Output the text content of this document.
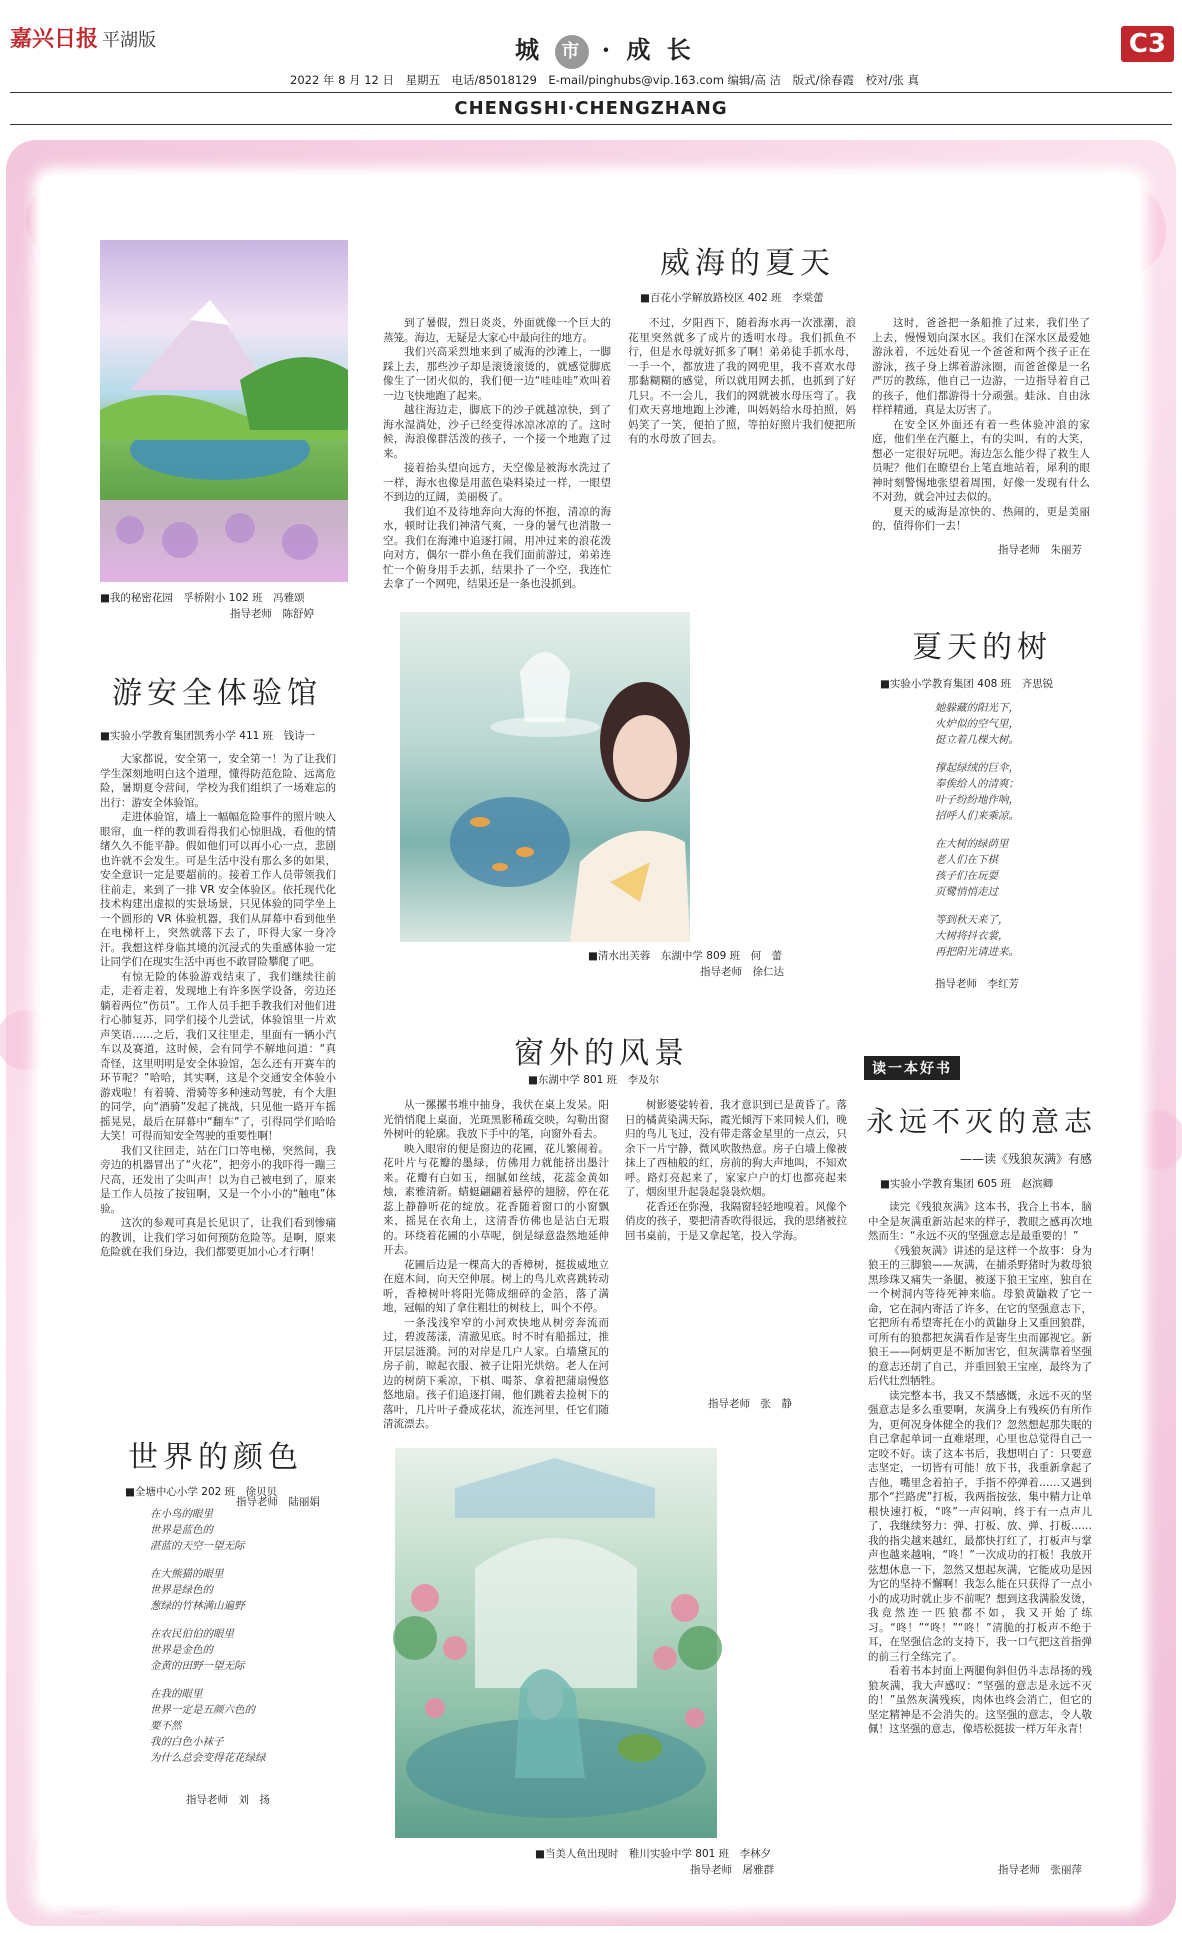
嘉兴日报 平湖版	城 市 · 成 长	C3
2022 年 8 月 12 日　星期五　电话/85018129　E-mail/pinghubs@vip.163.com 编辑/高 洁　版式/徐春霞　校对/张 真
CHENGSHI·CHENGZHANG
■我的秘密花园　孚桥附小 102 班　冯雅颂
指导老师　陈舒婷
威海的夏天
■百花小学解放路校区 402 班　李棠蕾

到了暑假，烈日炎炎，外面就像一个巨大的蒸笼。海边，无疑是大家心中最向往的地方。

我们兴高采烈地来到了威海的沙滩上，一脚踩上去，那些沙子却是滚烫滚烫的，就感觉脚底像生了一团火似的，我们便一边“哇哇哇”欢叫着一边飞快地跑了起来。

越往海边走，脚底下的沙子就越凉快，到了海水湿淌处，沙子已经变得冰凉冰凉的了。这时候，海浪像群活泼的孩子，一个接一个地跑了过来。

接着抬头望向远方，天空像是被海水洗过了一样，海水也像是用蓝色染料染过一样，一眼望不到边的辽阔，美丽极了。

我们迫不及待地奔向大海的怀抱，清凉的海水，顿时让我们神清气爽，一身的暑气也消散一空。我们在海滩中追逐打闹，用冲过来的浪花泼向对方，偶尔一群小鱼在我们面前游过，弟弟连忙一个俯身用手去抓，结果扑了一个空，我连忙去拿了一个网兜，结果还是一条也没抓到。

不过，夕阳西下，随着海水再一次涨潮，浪花里突然就多了成片的透明水母。我们抓鱼不行，但是水母就好抓多了啊！弟弟徒手抓水母，一手一个，都放进了我的网兜里，我不喜欢水母那黏糊糊的感觉，所以就用网去抓，也抓到了好几只。不一会儿，我们的网就被水母压弯了。我们欢天喜地地跑上沙滩，叫妈妈给水母拍照，妈妈笑了一笑，便拍了照，等拍好照片我们便把所有的水母放了回去。

这时，爸爸把一条船推了过来，我们坐了上去，慢慢划向深水区。我们在深水区最爱她游泳着，不远处看见一个爸爸和两个孩子正在游泳，孩子身上绑着游泳圈，而爸爸像是一名严厉的教练，他自己一边游，一边指导着自己的孩子，他们都游得十分顽强。蛙泳、自由泳样样精通，真是太厉害了。

在安全区外面还有着一些体验冲浪的家庭，他们坐在汽艇上，有的尖叫，有的大笑，想必一定很好玩吧。海边怎么能少得了救生人员呢？他们在瞭望台上笔直地站着，犀利的眼神时刻警惕地张望着周围，好像一发现有什么不对劲，就会冲过去似的。

夏天的威海是凉快的、热闹的，更是美丽的，值得你们一去！

指导老师　朱丽芳
游安全体验馆
■实验小学教育集团凯秀小学 411 班　钱诗一

大家都说，安全第一，安全第一！为了让我们学生深刻地明白这个道理，懂得防范危险、远离危险，暑期夏令营间，学校为我们组织了一场难忘的出行：游安全体验馆。

走进体验馆，墙上一幅幅危险事件的照片映入眼帘，血一样的教训看得我们心惊胆战，看他的情绪久久不能平静。假如他们可以再小心一点，悲剧也许就不会发生。可是生活中没有那么多的如果，安全意识一定是要超前的。接着工作人员带领我们往前走，来到了一排 VR 安全体验区。依托现代化技术构建出虚拟的实景场景，只见体验的同学坐上一个圆形的 VR 体验机器，我们从屏幕中看到他坐在电梯杆上，突然就落下去了，吓得大家一身冷汗。我想这样身临其境的沉浸式的失重感体验一定让同学们在现实生活中再也不敢冒险攀爬了吧。

有惊无险的体验游戏结束了，我们继续往前走，走着走着，发现地上有许多医学设备，旁边还躺着两位“伤员”。工作人员手把手教我们对他们进行心肺复苏，同学们接个儿尝试，体验馆里一片欢声笑语……之后，我们又往里走，里面有一辆小汽车以及赛道，这时候，会有同学不解地问道：“真奇怪，这里明明是安全体验馆，怎么还有开赛车的环节呢？”哈哈，其实啊，这是个交通安全体验小游戏啦！有着骑、滑骑等多种速动驾驶，有个大胆的同学，向“酒骑”发起了挑战，只见他一路开车摇摇晃晃，最后在屏幕中“翻车”了，引得同学们哈哈大笑！可得而知安全驾驶的重要性啊！

我们又往回走，站在门口等电梯，突然间，我旁边的机器冒出了“火花”，把旁小的我吓得一蹦三尺高，还发出了尖叫声！以为自己被电到了，原来是工作人员按了按钮啊，又是一个小小的“触电”体验。

这次的参观可真是长见识了，让我们看到惨痛的教训，让我们学习如何预防危险等。是啊，原来危险就在我们身边，我们都要更加小心才行啊！

指导老师　陆丽娟
■清水出芙蓉　东湖中学 809 班　何　蕾
指导老师　徐仁达
夏天的树
■实验小学教育集团 408 班　齐思锐

她躲藏的阳光下，
火炉似的空气里，
挺立着几棵大树。

撑起绿绒的巨伞，
奉俟给人的清爽；
叶子纷纷地作响，
招呼人们来乘凉。

在大树的绿荫里
老人们在下棋
孩子们在玩耍
页鹭悄悄走过

等到秋天来了，
大树将抖衣裳，
再把阳光请进来。

指导老师　李红芳
窗外的风景
■东湖中学 801 班　李及尔

从一摞摞书堆中抽身，我伏在桌上发呆。阳光悄悄爬上桌面，光斑黑影稀疏交映，勾勒出窗外树叶的轮廓。我放下手中的笔，向窗外看去。

映入眼帘的便是窗边的花圃，花儿繁闹着。花叶片与花瓣的墨绿，仿佛用力就能挤出墨汁来。花瓣有白如玉，细腻如丝绒，花蕊金黄如烛，素雅清新。蜻蜓翩翩着悬停的翅膀，停在花蕊上静静听花的绽放。花香随着窗口的小窗飘来，摇晃在衣角上，这清香仿佛也是沾白无瑕的。环绕着花圃的小草呢，倒是绿意盎然地延伸开去。

花圃后边是一棵高大的香樟树，挺拔威地立在庭木间，向天空伸展。树上的鸟儿欢喜跳转动听，香樟树叶将阳光筛成细碎的金箔，落了满地，冠幅的知了拿住粗壮的树枝上，叫个不停。

一条浅浅窄窄的小河欢快地从树旁奔流而过，碧波荡漾，清澈见底。时不时有船摇过，推开层层涟漪。河的对岸是几户人家。白墙黛瓦的房子前，晾起衣服、被子让阳光烘焙。老人在河边的树荫下乘凉，下棋、喝茶、拿着把蒲扇慢悠悠地扇。孩子们追逐打闹，他们跳着去捡树下的落叶，几片叶子叠成花状，流连河里，任它们随清流漂去。

树影婆娑转着，我才意识到已是黄昏了。落日的橘黄染满天际，霞光倾泻下来同候人们，晚归的鸟儿飞过，没有带走落金星里的一点云，只余下一片宁静，微风吹散热意。房子白墙上像被抹上了西柚般的红，房前的狗大声地叫，不知欢呼。路灯亮起来了，家家户户的灯也都亮起来了，烟囱里升起袅起袅袅炊烟。

花香还在弥漫，我隔窗轻轻地嗅着。风像个俏皮的孩子，要把清香吹得很远，我的思绪被拉回书桌前，于是又拿起笔，投入学海。

指导老师　张　静
读一本好书
永远不灭的意志
——读《残狼灰满》有感
■实验小学教育集团 605 班　赵滨卿

读完《残狼灰满》这本书，我合上书本，脑中全是灰满重新站起来的样子，教眼之感再次地然而生：“永远不灭的坚强意志是最重要的！”

《残狼灰满》讲述的是这样一个故事：身为狼王的三脚狼——灰满，在捕杀野猪时为救母狼黑珍珠又痛失一条腿，被逐下狼王宝座，独自在一个树洞内等待死神来临。母狼黄鼬救了它一命，它在洞内寄活了许多，在它的坚强意志下，它把所有希望寄托在小的黄鼬身上又重回狼群，可所有的狼都把灰满看作是寄生虫而鄙视它。新狼王——阿炳更是不断加害它，但灰满靠着坚强的意志还胡了自己，并重回狼王宝座，最终为了后代壮烈牺牲。

读完整本书，我又不禁感慨，永远不灭的坚强意志是多么重要啊，灰满身上有残疾仍有所作为，更何况身体健全的我们？忽然想起那失眠的自己拿起单词一直难堪理，心里也总觉得自己一定咬不好。读了这本书后，我想明白了：只要意志坚定，一切皆有可能！放下书，我重新拿起了吉他，嘴里念着拍子，手指不停弹着……又遇到那个“拦路虎”打板，我两指按弦，集中精力让单根快速打板，“咚”一声闷响，终于有一点声儿了，我继续努力：弹、打板、放、弹、打板……我的指尖越来越红，最都快打红了，打板声与掌声也越来越响，“咚！”一次成功的打板！我放开弦想休息一下，忽然又想起灰满，它能成功是因为它的坚持不懈啊！我怎么能在只获得了一点小小的成功时就止步不前呢？想到这我满脸发烫，我竟然连一匹狼都不如，我又开始了练习。“咚！”“咚！”“咚！”清脆的打板声不绝于耳，在坚强信念的支持下，我一口气把这首指弹的前三行全练完了。

看着书本封面上两腿佝斜但仍斗志昂扬的残狼灰满，我大声感叹：“坚强的意志是永远不灭的！”虽然灰满残疾，肉体也终会消亡，但它的坚定精神是不会消失的。这坚强的意志，令人敬佩！这坚强的意志，像塔松挺拔一样万年永青！

指导老师　张丽萍
世界的颜色
■全塘中心小学 202 班　徐贝贝

在小鸟的眼里
世界是蓝色的
湛蓝的天空一望无际

在大熊猫的眼里
世界是绿色的
葱绿的竹林满山遍野

在农民伯伯的眼里
世界是金色的
金黄的田野一望无际

在我的眼里
世界一定是五颜六色的
要不然
我的白色小袜子
为什么总会变得花花绿绿

指导老师　刘　扬
■当美人鱼出现时　稚川实验中学 801 班　李林夕
指导老师　屠雅群
